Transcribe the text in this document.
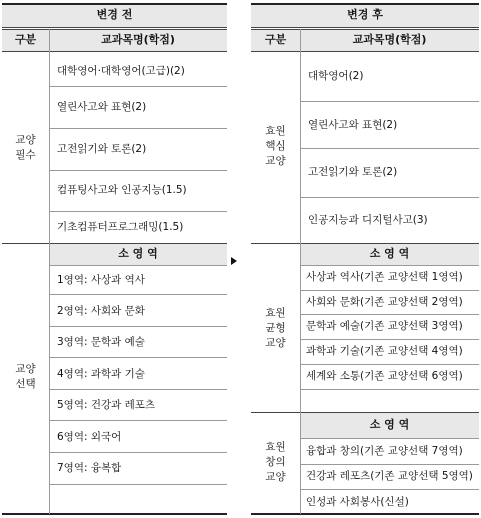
변경 전
구분	교과목명(학점)
교양
필수
대학영어·대학영어(고급)(2)
열린사고와 표현(2)
고전읽기와 토론(2)
컴퓨팅사고와 인공지능(1.5)
기초컴퓨터프로그래밍(1.5)
교양
선택
소 영 역
1영역: 사상과 역사
2영역: 사회와 문화
3영역: 문학과 예술
4영역: 과학과 기술
5영역: 건강과 레포츠
6영역: 외국어
7영역: 융복합
변경 후
구분	교과목명(학점)
효원
핵심
교양
대학영어(2)
열린사고와 표현(2)
고전읽기와 토론(2)
인공지능과 디지털사고(3)
효원
균형
교양
소 영 역
사상과 역사(기존 교양선택 1영역)
사회와 문화(기존 교양선택 2영역)
문학과 예술(기존 교양선택 3영역)
과학과 기술(기존 교양선택 4영역)
세계와 소통(기존 교양선택 6영역)
효원
창의
교양
소 영 역
융합과 창의(기존 교양선택 7영역)
건강과 레포츠(기존 교양선택 5영역)
인성과 사회봉사(신설)
